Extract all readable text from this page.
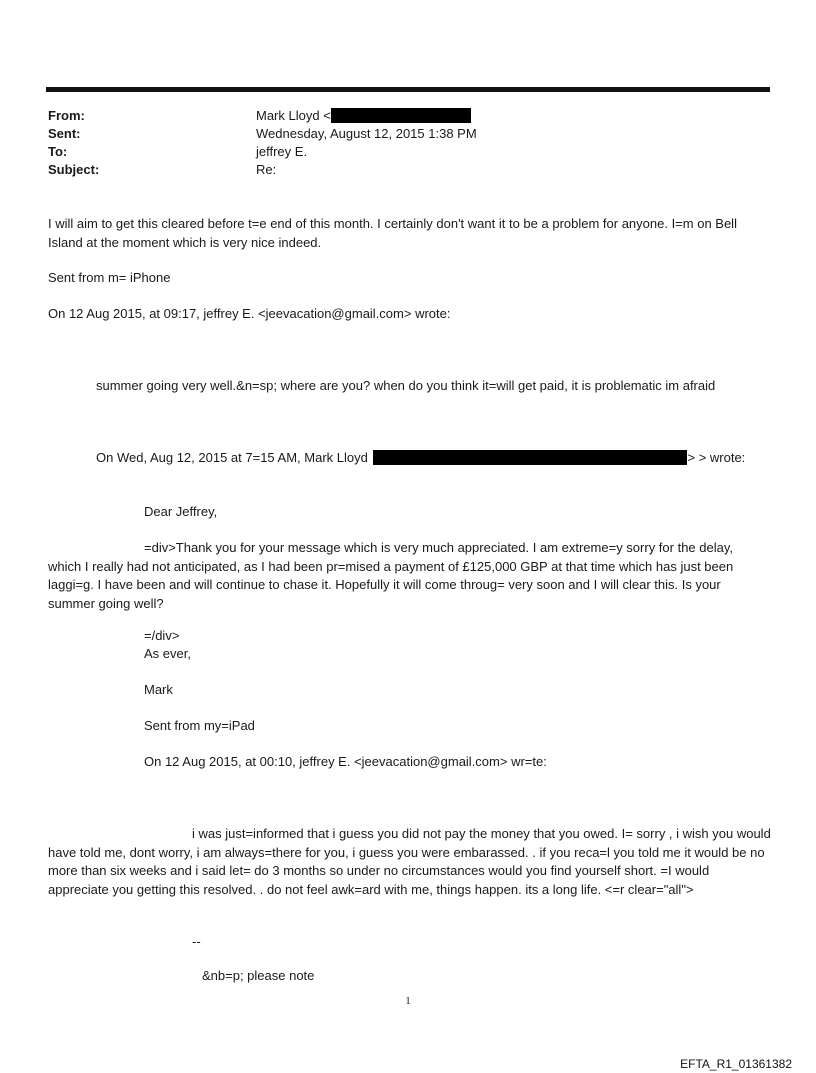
From:	Mark Lloyd <
Sent:	Wednesday, August 12, 2015 1:38 PM
To:	jeffrey E.
Subject:	Re:

I will aim to get this cleared before t=e end of this month. I certainly don't want it to be a problem for anyone. I=m on Bell Island at the moment which is very nice indeed.

Sent from m= iPhone

On 12 Aug 2015, at 09:17, jeffrey E. <jeevacation@gmail.com> wrote:

summer going very well.&n=sp; where are you? when do you think it=will get paid, it is problematic im afraid

On Wed, Aug 12, 2015 at 7=15 AM, Mark Lloyd	> > wrote:

Dear Jeffrey,

=div>Thank you for your message which is very much appreciated. I am extreme=y sorry for the delay, which I really had not anticipated, as I had been pr=mised a payment of £125,000 GBP at that time which has just been laggi=g. I have been and will continue to chase it. Hopefully it will come throug= very soon and I will clear this. Is your summer going well?

=/div>

As ever,

Mark

Sent from my=iPad

On 12 Aug 2015, at 00:10, jeffrey E. <jeevacation@gmail.com> wr=te:

i was just=informed that i guess you did not pay the money that you owed. I= sorry , i wish you would have told me, dont worry, i am always=there for you, i guess you were embarassed. . if you reca=l you told me it would be no more than six weeks and i said let= do 3 months so under no circumstances would you find yourself short. =I would appreciate you getting this resolved. . do not feel awk=ard with me, things happen. its a long life. <=r clear="all">

--

&nb=p; please note

1
EFTA_R1_01361382
